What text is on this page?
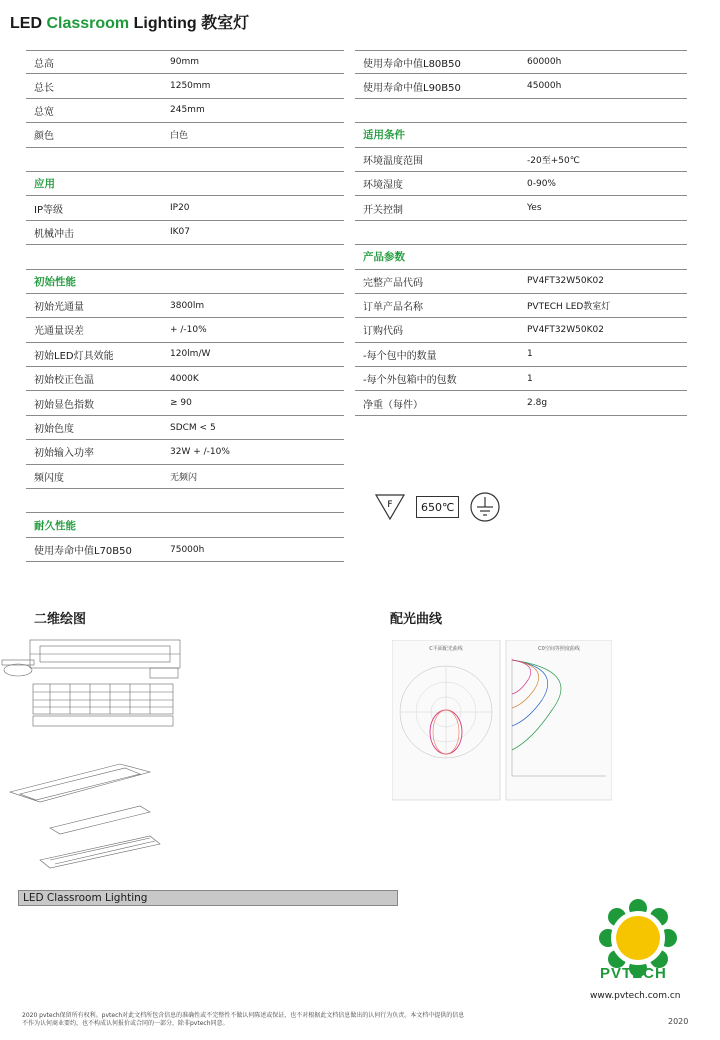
LED Classroom Lighting 教室灯
总高	90mm
总长	1250mm
总宽	245mm
颜色	白色
应用
IP等级	IP20
机械冲击	IK07
初始性能
初始光通量	3800lm
光通量误差	+ /-10%
初始LED灯具效能	120lm/W
初始校正色温	4000K
初始显色指数	≥ 90
初始色度	SDCM < 5
初始输入功率	32W + /-10%
频闪度	无频闪
耐久性能
使用寿命中值L70B50	75000h
使用寿命中值L80B50	60000h
使用寿命中值L90B50	45000h
适用条件
环境温度范围	-20至+50℃
环境湿度	0-90%
开关控制	Yes
产品参数
完整产品代码	PV4FT32W50K02
订单产品名称	PVTECH LED教室灯
订购代码	PV4FT32W50K02
-每个包中的数量	1
-每个外包箱中的包数	1
净重（每件）	2.8g
F	650℃
二维绘图	配光曲线
C平面配光曲线	C0空间等照度曲线
LED Classroom Lighting
PVTECH
www.pvtech.com.cn
2020 pvtech保留所有权利。pvtech对此文档所包含信息的准确性或不完整性不做认何陈述或保证，也不对根据此文档信息做出的认何行为负责。本文档中提供的信息
不作为认何商业要约，也不构成认何报价或合同的一部分，除非pvtech同意。	2020
